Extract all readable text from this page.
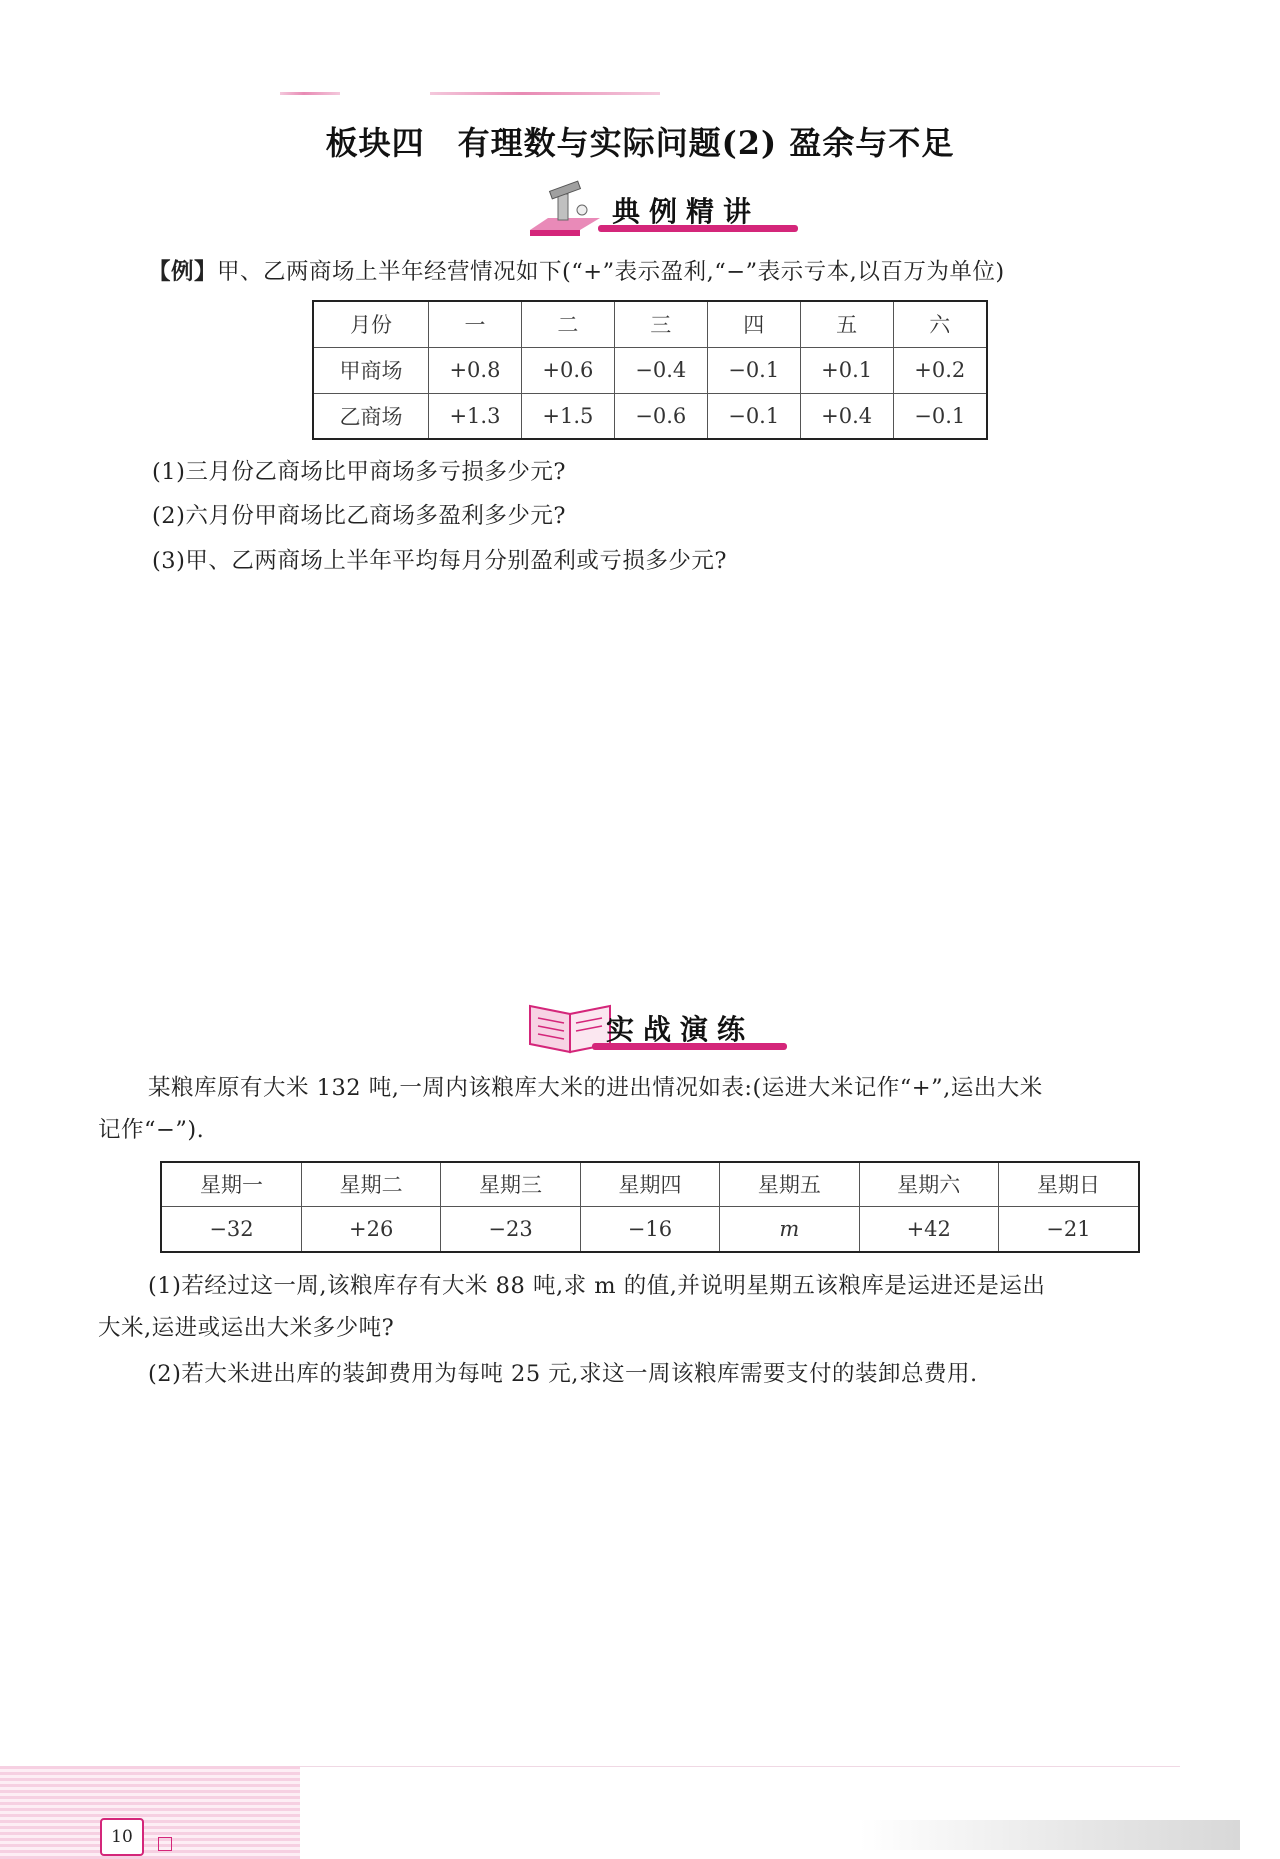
板块四　有理数与实际问题(2) 盈余与不足
典例精讲
【例】甲、乙两商场上半年经营情况如下(“+”表示盈利,“−”表示亏本,以百万为单位)
月份	一	二	三	四	五	六
甲商场	+0.8	+0.6	−0.4	−0.1	+0.1	+0.2
乙商场	+1.3	+1.5	−0.6	−0.1	+0.4	−0.1
(1)三月份乙商场比甲商场多亏损多少元?
(2)六月份甲商场比乙商场多盈利多少元?
(3)甲、乙两商场上半年平均每月分别盈利或亏损多少元?
实战演练
某粮库原有大米 132 吨,一周内该粮库大米的进出情况如表:(运进大米记作“+”,运出大米
记作“−”).
星期一	星期二	星期三	星期四	星期五	星期六	星期日
−32	+26	−23	−16	m	+42	−21
(1)若经过这一周,该粮库存有大米 88 吨,求 m 的值,并说明星期五该粮库是运进还是运出
大米,运进或运出大米多少吨?
(2)若大米进出库的装卸费用为每吨 25 元,求这一周该粮库需要支付的装卸总费用.
10
